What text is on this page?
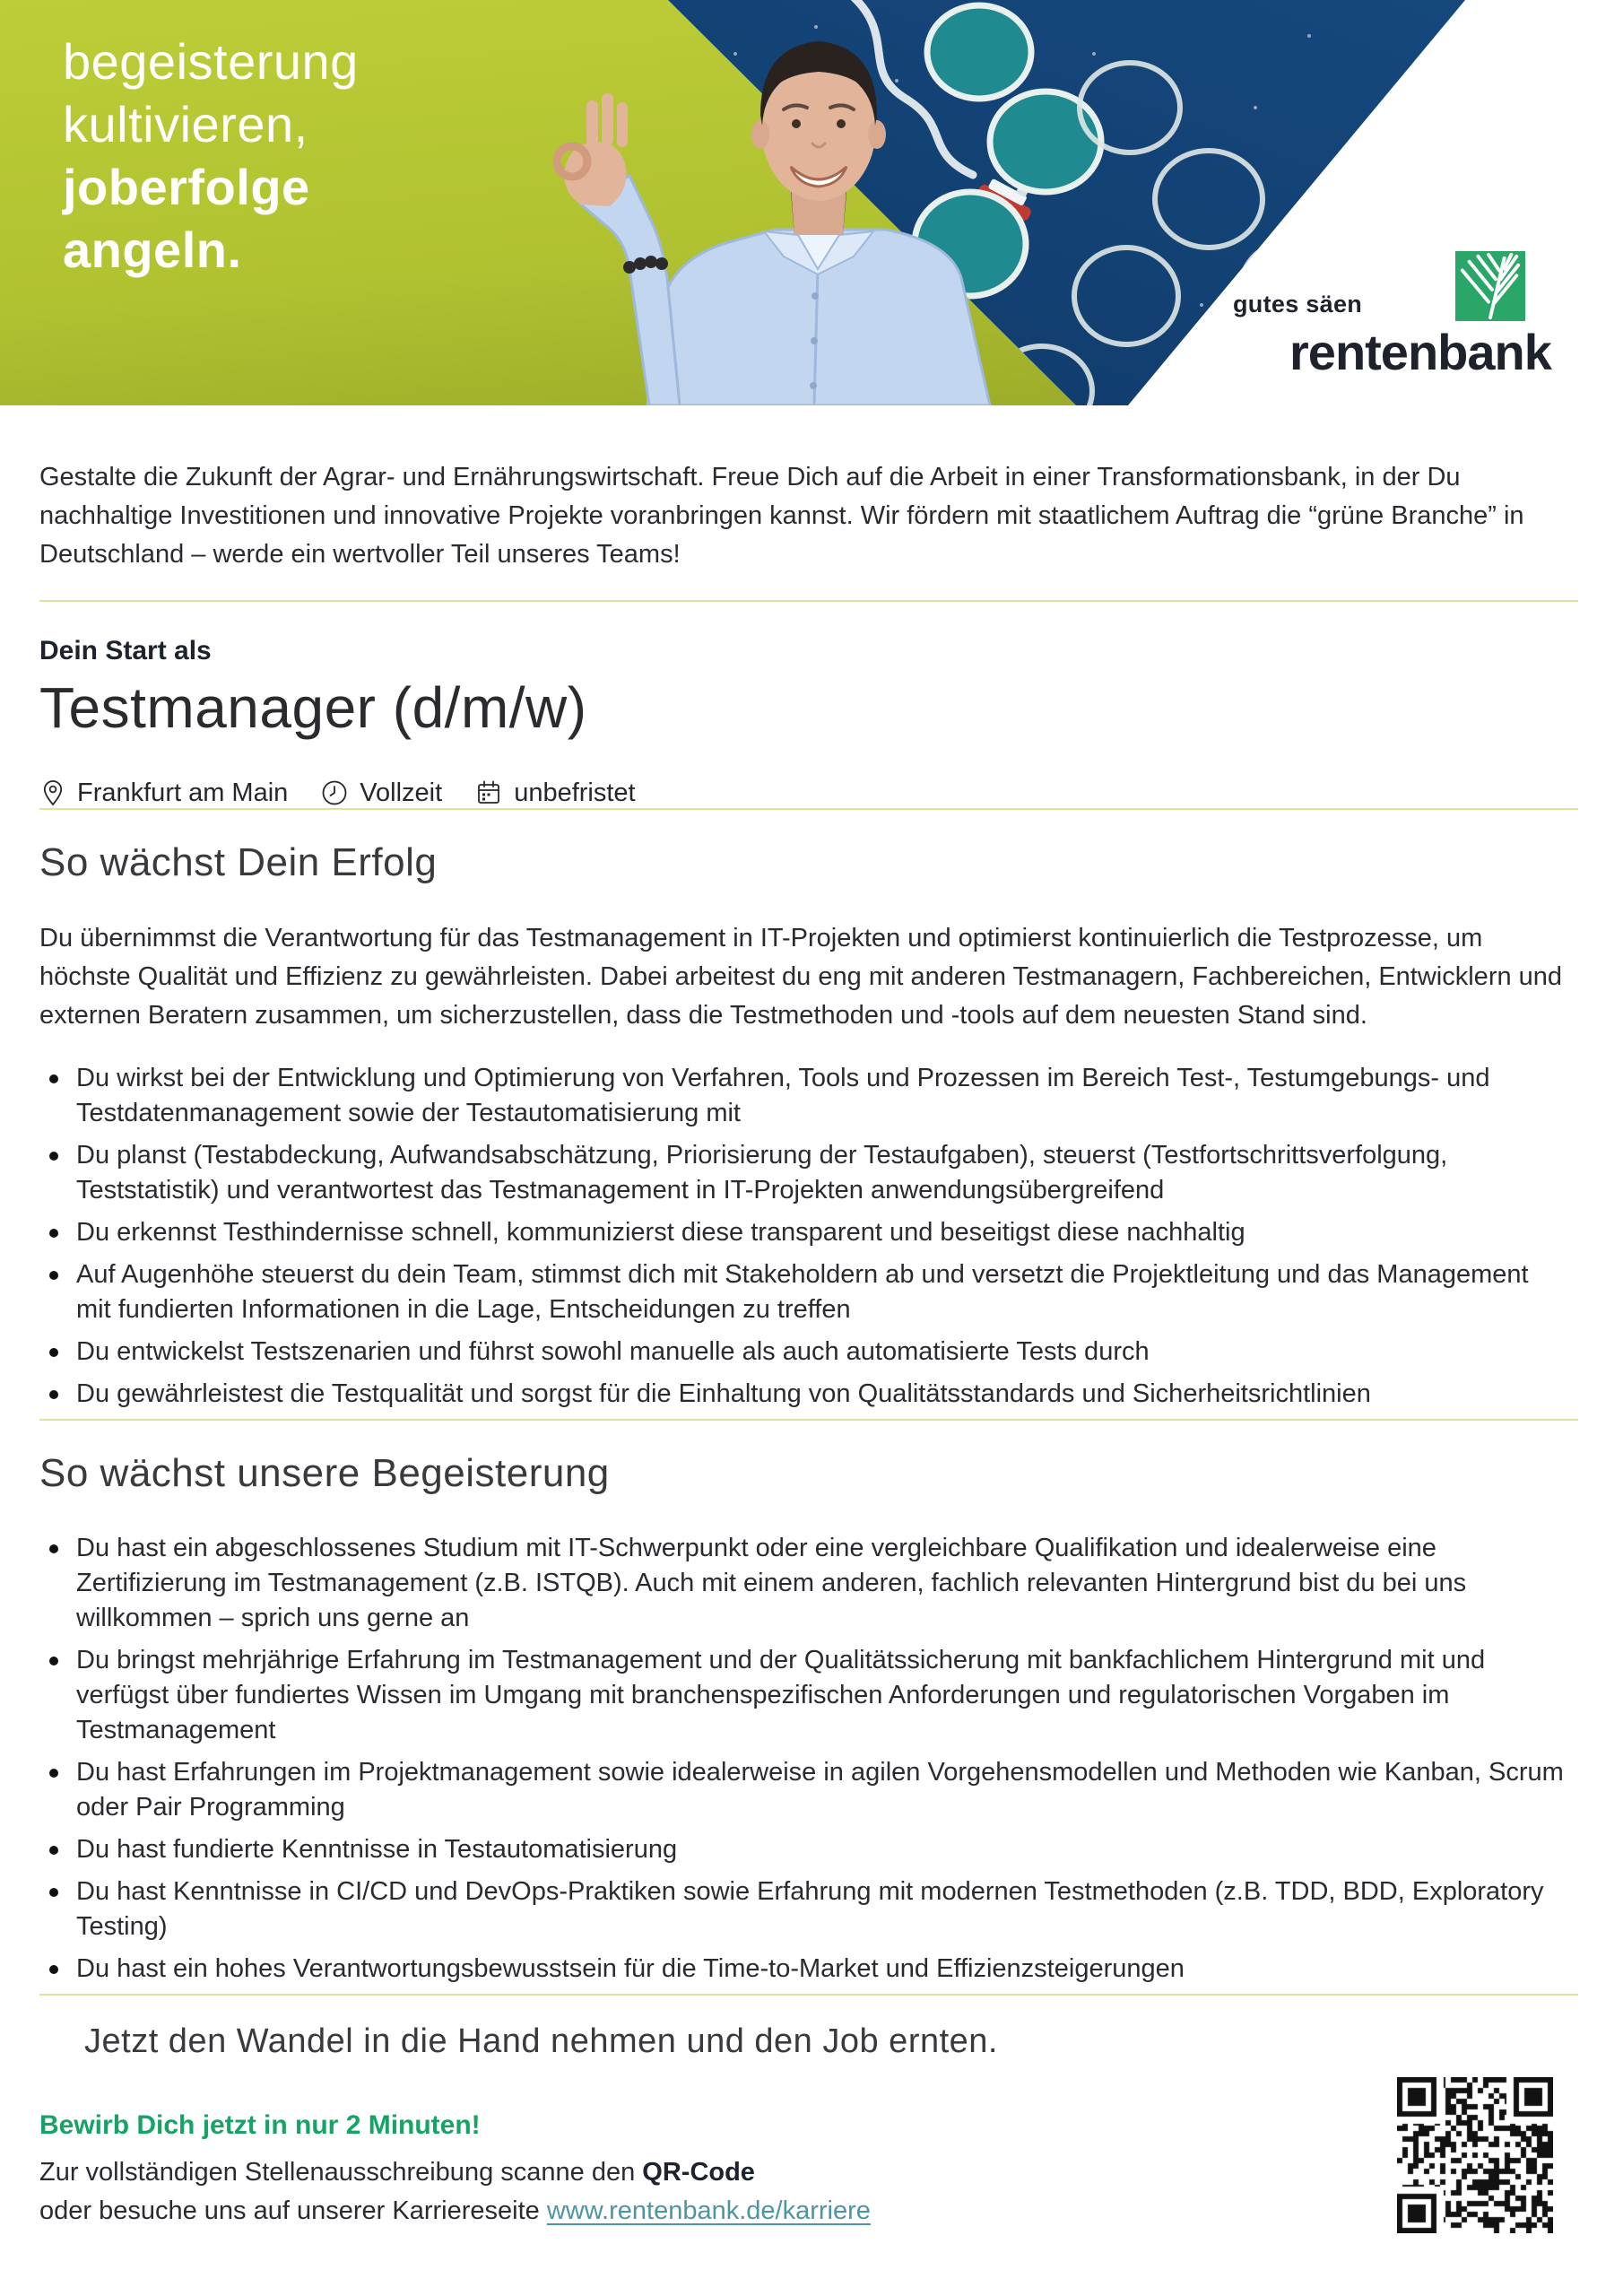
begeisterung
kultivieren,
joberfolge
angeln.
gutes säen
rentenbank

Gestalte die Zukunft der Agrar- und Ernährungswirtschaft. Freue Dich auf die Arbeit in einer Transformationsbank, in der Du nachhaltige Investitionen und innovative Projekte voranbringen kannst. Wir fördern mit staatlichem Auftrag die “grüne Branche” in Deutschland – werde ein wertvoller Teil unseres Teams!

Dein Start als
Testmanager (d/m/w)
Frankfurt am Main	Vollzeit	unbefristet
So wächst Dein Erfolg

Du übernimmst die Verantwortung für das Testmanagement in IT-Projekten und optimierst kontinuierlich die Testprozesse, um höchste Qualität und Effizienz zu gewährleisten. Dabei arbeitest du eng mit anderen Testmanagern, Fachbereichen, Entwicklern und externen Beratern zusammen, um sicherzustellen, dass die Testmethoden und -tools auf dem neuesten Stand sind.

Du wirkst bei der Entwicklung und Optimierung von Verfahren, Tools und Prozessen im Bereich Test-, Testumgebungs- und Testdatenmanagement sowie der Testautomatisierung mit
Du planst (Testabdeckung, Aufwandsabschätzung, Priorisierung der Testaufgaben), steuerst (Testfortschrittsverfolgung, Teststatistik) und verantwortest das Testmanagement in IT-Projekten anwendungsübergreifend
Du erkennst Testhindernisse schnell, kommunizierst diese transparent und beseitigst diese nachhaltig
Auf Augenhöhe steuerst du dein Team, stimmst dich mit Stakeholdern ab und versetzt die Projektleitung und das Management mit fundierten Informationen in die Lage, Entscheidungen zu treffen
Du entwickelst Testszenarien und führst sowohl manuelle als auch automatisierte Tests durch
Du gewährleistest die Testqualität und sorgst für die Einhaltung von Qualitätsstandards und Sicherheitsrichtlinien
So wächst unsere Begeisterung
Du hast ein abgeschlossenes Studium mit IT-Schwerpunkt oder eine vergleichbare Qualifikation und idealerweise eine Zertifizierung im Testmanagement (z.B. ISTQB). Auch mit einem anderen, fachlich relevanten Hintergrund bist du bei uns willkommen – sprich uns gerne an
Du bringst mehrjährige Erfahrung im Testmanagement und der Qualitätssicherung mit bankfachlichem Hintergrund mit und verfügst über fundiertes Wissen im Umgang mit branchenspezifischen Anforderungen und regulatorischen Vorgaben im Testmanagement
Du hast Erfahrungen im Projektmanagement sowie idealerweise in agilen Vorgehensmodellen und Methoden wie Kanban, Scrum oder Pair Programming
Du hast fundierte Kenntnisse in Testautomatisierung
Du hast Kenntnisse in CI/CD und DevOps-Praktiken sowie Erfahrung mit modernen Testmethoden (z.B. TDD, BDD, Exploratory Testing)
Du hast ein hohes Verantwortungsbewusstsein für die Time-to-Market und Effizienzsteigerungen
Jetzt den Wandel in die Hand nehmen und den Job ernten.
Bewirb Dich jetzt in nur 2 Minuten!
Zur vollständigen Stellenausschreibung scanne den QR-Code
oder besuche uns auf unserer Karriereseite www.rentenbank.de/karriere
